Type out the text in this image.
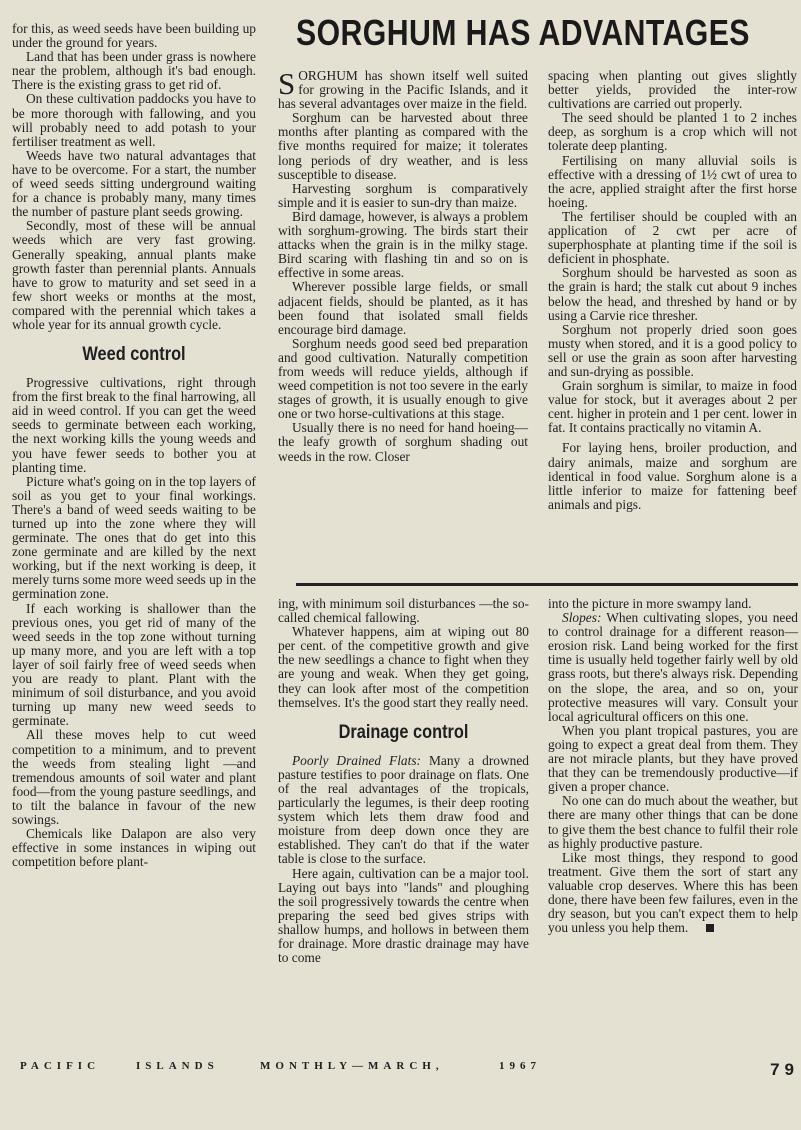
SORGHUM HAS ADVANTAGES

for this, as weed seeds have been building up under the ground for years.

Land that has been under grass is nowhere near the problem, although it's bad enough. There is the existing grass to get rid of.

On these cultivation paddocks you have to be more thorough with fallowing, and you will probably need to add potash to your fertiliser treatment as well.

Weeds have two natural advantages that have to be overcome. For a start, the number of weed seeds sitting underground waiting for a chance is probably many, many times the number of pasture plant seeds growing.

Secondly, most of these will be annual weeds which are very fast growing. Generally speaking, annual plants make growth faster than perennial plants. Annuals have to grow to maturity and set seed in a few short weeks or months at the most, compared with the perennial which takes a whole year for its annual growth cycle.

Weed control

Progressive cultivations, right through from the first break to the final harrowing, all aid in weed control. If you can get the weed seeds to germinate between each working, the next working kills the young weeds and you have fewer seeds to bother you at planting time.

Picture what's going on in the top layers of soil as you get to your final workings. There's a band of weed seeds waiting to be turned up into the zone where they will germinate. The ones that do get into this zone germinate and are killed by the next working, but if the next working is deep, it merely turns some more weed seeds up in the germination zone.

If each working is shallower than the previous ones, you get rid of many of the weed seeds in the top zone without turning up many more, and you are left with a top layer of soil fairly free of weed seeds when you are ready to plant. Plant with the minimum of soil disturbance, and you avoid turning up many new weed seeds to germinate.

All these moves help to cut weed competition to a minimum, and to prevent the weeds from stealing light —and tremendous amounts of soil water and plant food—from the young pasture seedlings, and to tilt the balance in favour of the new sowings.

Chemicals like Dalapon are also very effective in some instances in wiping out competition before plant-

SORGHUM has shown itself well suited for growing in the Pacific Islands, and it has several advantages over maize in the field.

Sorghum can be harvested about three months after planting as compared with the five months required for maize; it tolerates long periods of dry weather, and is less susceptible to disease.

Harvesting sorghum is comparatively simple and it is easier to sun-dry than maize.

Bird damage, however, is always a problem with sorghum-growing. The birds start their attacks when the grain is in the milky stage. Bird scaring with flashing tin and so on is effective in some areas.

Wherever possible large fields, or small adjacent fields, should be planted, as it has been found that isolated small fields encourage bird damage.

Sorghum needs good seed bed preparation and good cultivation. Naturally competition from weeds will reduce yields, although if weed competition is not too severe in the early stages of growth, it is usually enough to give one or two horse-cultivations at this stage.

Usually there is no need for hand hoeing—the leafy growth of sorghum shading out weeds in the row. Closer

spacing when planting out gives slightly better yields, provided the inter-row cultivations are carried out properly.

The seed should be planted 1 to 2 inches deep, as sorghum is a crop which will not tolerate deep planting.

Fertilising on many alluvial soils is effective with a dressing of 1½ cwt of urea to the acre, applied straight after the first horse hoeing.

The fertiliser should be coupled with an application of 2 cwt per acre of superphosphate at planting time if the soil is deficient in phosphate.

Sorghum should be harvested as soon as the grain is hard; the stalk cut about 9 inches below the head, and threshed by hand or by using a Carvie rice thresher.

Sorghum not properly dried soon goes musty when stored, and it is a good policy to sell or use the grain as soon after harvesting and sun-drying as possible.

Grain sorghum is similar, to maize in food value for stock, but it averages about 2 per cent. higher in protein and 1 per cent. lower in fat. It contains practically no vitamin A.

For laying hens, broiler production, and dairy animals, maize and sorghum are identical in food value. Sorghum alone is a little inferior to maize for fattening beef animals and pigs.

ing, with minimum soil disturbances —the so-called chemical fallowing.

Whatever happens, aim at wiping out 80 per cent. of the competitive growth and give the new seedlings a chance to fight when they are young and weak. When they get going, they can look after most of the competition themselves. It's the good start they really need.

Drainage control

Poorly Drained Flats: Many a drowned pasture testifies to poor drainage on flats. One of the real advantages of the tropicals, particularly the legumes, is their deep rooting system which lets them draw food and moisture from deep down once they are established. They can't do that if the water table is close to the surface.

Here again, cultivation can be a major tool. Laying out bays into "lands" and ploughing the soil progressively towards the centre when preparing the seed bed gives strips with shallow humps, and hollows in between them for drainage. More drastic drainage may have to come

into the picture in more swampy land.

Slopes: When cultivating slopes, you need to control drainage for a different reason—erosion risk. Land being worked for the first time is usually held together fairly well by old grass roots, but there's always risk. Depending on the slope, the area, and so on, your protective measures will vary. Consult your local agricultural officers on this one.

When you plant tropical pastures, you are going to expect a great deal from them. They are not miracle plants, but they have proved that they can be tremendously productive—if given a proper chance.

No one can do much about the weather, but there are many other things that can be done to give them the best chance to fulfil their role as highly productive pasture.

Like most things, they respond to good treatment. Give them the sort of start any valuable crop deserves. Where this has been done, there have been few failures, even in the dry season, but you can't expect them to help you unless you help them.

PACIFIC	ISLANDS	MONTHLY—MARCH,	1967	79
